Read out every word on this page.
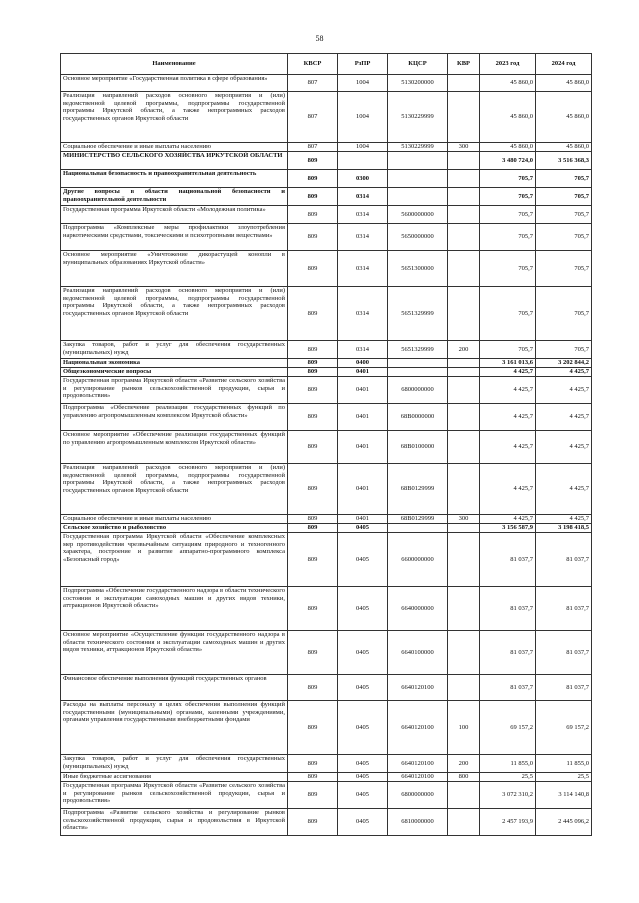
58
Наименование	КВСР	РзПР	КЦСР	КВР	2023 год	2024 год
Основное мероприятие «Государственная политика в сфере образования»	807	1004	5130200000		45 860,0	45 860,0
Реализация направлений расходов основного мероприятия и (или) ведомственной целевой программы, подпрограммы государственной программы Иркутской области, а также непрограммных расходов государственных органов Иркутской области	807	1004	5130229999		45 860,0	45 860,0
Социальное обеспечение и иные выплаты населению	807	1004	5130229999	300	45 860,0	45 860,0
МИНИСТЕРСТВО СЕЛЬСКОГО ХОЗЯЙСТВА ИРКУТСКОЙ ОБЛАСТИ	809				3 480 724,0	3 516 368,3
Национальная безопасность и правоохранительная деятельность	809	0300			705,7	705,7
Другие вопросы в области национальной безопасности и правоохранительной деятельности	809	0314			705,7	705,7
Государственная программа Иркутской области «Молодежная политика»	809	0314	5600000000		705,7	705,7
Подпрограмма «Комплексные меры профилактики злоупотребления наркотическими средствами, токсическими и психотропными веществами»	809	0314	5650000000		705,7	705,7
Основное мероприятие «Уничтожение дикорастущей конопли в муниципальных образованиях Иркутской области»	809	0314	5651300000		705,7	705,7
Реализация направлений расходов основного мероприятия и (или) ведомственной целевой программы, подпрограммы государственной программы Иркутской области, а также непрограммных расходов государственных органов Иркутской области	809	0314	5651329999		705,7	705,7
Закупка товаров, работ и услуг для обеспечения государственных (муниципальных) нужд	809	0314	5651329999	200	705,7	705,7
Национальная экономика	809	0400			3 161 013,6	3 202 844,2
Общеэкономические вопросы	809	0401			4 425,7	4 425,7
Государственная программа Иркутской области «Развитие сельского хозяйства и регулирование рынков сельскохозяйственной продукции, сырья и продовольствия»	809	0401	6800000000		4 425,7	4 425,7
Подпрограмма «Обеспечение реализации государственных функций по управлению агропромышленным комплексом Иркутской области»	809	0401	68В0000000		4 425,7	4 425,7
Основное мероприятие «Обеспечение реализации государственных функций по управлению агропромышленным комплексом Иркутской области»	809	0401	68В0100000		4 425,7	4 425,7
Реализация направлений расходов основного мероприятия и (или) ведомственной целевой программы, подпрограммы государственной программы Иркутской области, а также непрограммных расходов государственных органов Иркутской области	809	0401	68В0129999		4 425,7	4 425,7
Социальное обеспечение и иные выплаты населению	809	0401	68В0129999	300	4 425,7	4 425,7
Сельское хозяйство и рыболовство	809	0405			3 156 587,9	3 198 418,5
Государственная программа Иркутской области «Обеспечение комплексных мер противодействия чрезвычайным ситуациям природного и техногенного характера, построение и развитие аппаратно-программного комплекса «Безопасный город»	809	0405	6600000000		81 037,7	81 037,7
Подпрограмма «Обеспечение государственного надзора в области технического состояния и эксплуатации самоходных машин и других видов техники, аттракционов Иркутской области»	809	0405	6640000000		81 037,7	81 037,7
Основное мероприятие «Осуществление функции государственного надзора в области технического состояния и эксплуатации самоходных машин и других видов техники, аттракционов Иркутской области»	809	0405	6640100000		81 037,7	81 037,7
Финансовое обеспечение выполнения функций государственных органов	809	0405	6640120100		81 037,7	81 037,7
Расходы на выплаты персоналу в целях обеспечения выполнения функций государственными (муниципальными) органами, казенными учреждениями, органами управления государственными внебюджетными фондами	809	0405	6640120100	100	69 157,2	69 157,2
Закупка товаров, работ и услуг для обеспечения государственных (муниципальных) нужд	809	0405	6640120100	200	11 855,0	11 855,0
Иные бюджетные ассигнования	809	0405	6640120100	800	25,5	25,5
Государственная программа Иркутской области «Развитие сельского хозяйства и регулирование рынков сельскохозяйственной продукции, сырья и продовольствия»	809	0405	6800000000		3 072 310,2	3 114 140,8
Подпрограмма «Развитие сельского хозяйства и регулирование рынков сельскохозяйственной продукции, сырья и продовольствия в Иркутской области»	809	0405	6810000000		2 457 193,9	2 445 096,2
